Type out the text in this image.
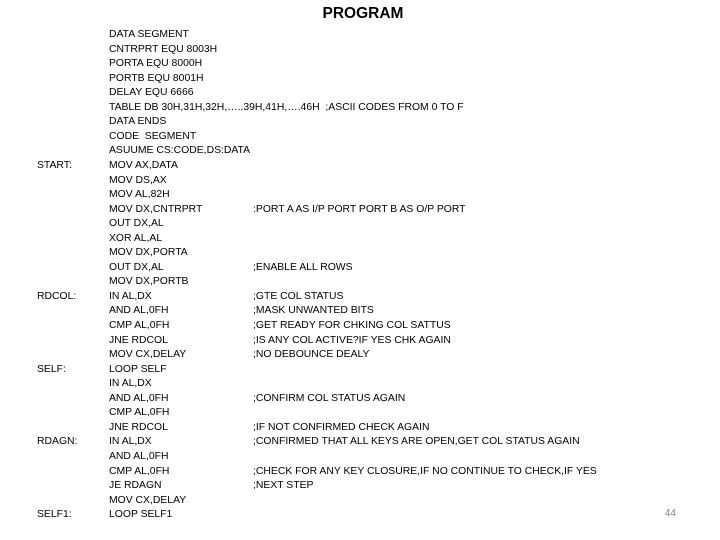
PROGRAM
DATA SEGMENT
CNTRPRT EQU 8003H
PORTA EQU 8000H
PORTB EQU 8001H
DELAY EQU 6666
TABLE DB 30H,31H,32H,…..39H,41H,….46H  ;ASCII CODES FROM 0 TO F
DATA ENDS
CODE  SEGMENT
ASUUME CS:CODE,DS:DATA
START:	MOV AX,DATA
MOV DS,AX
MOV AL,82H
MOV DX,CNTRPRT	:PORT A AS I/P PORT PORT B AS O/P PORT
OUT DX,AL
XOR AL,AL
MOV DX,PORTA
OUT DX,AL	;ENABLE ALL ROWS
MOV DX,PORTB
RDCOL:	IN AL,DX	;GTE COL STATUS
AND AL,0FH	;MASK UNWANTED BITS
CMP AL,0FH	;GET READY FOR CHKING COL SATTUS
JNE RDCOL	;IS ANY COL ACTIVE?IF YES CHK AGAIN
MOV CX,DELAY	;NO DEBOUNCE DEALY
SELF:	LOOP SELF
IN AL,DX
AND AL,0FH	;CONFIRM COL STATUS AGAIN
CMP AL,0FH
JNE RDCOL	;IF NOT CONFIRMED CHECK AGAIN
RDAGN:	IN AL,DX	;CONFIRMED THAT ALL KEYS ARE OPEN,GET COL STATUS AGAIN
AND AL,0FH
CMP AL,0FH	;CHECK FOR ANY KEY CLOSURE,IF NO CONTINUE TO CHECK,IF YES
JE RDAGN	;NEXT STEP
MOV CX,DELAY
SELF1:	LOOP SELF1	44
